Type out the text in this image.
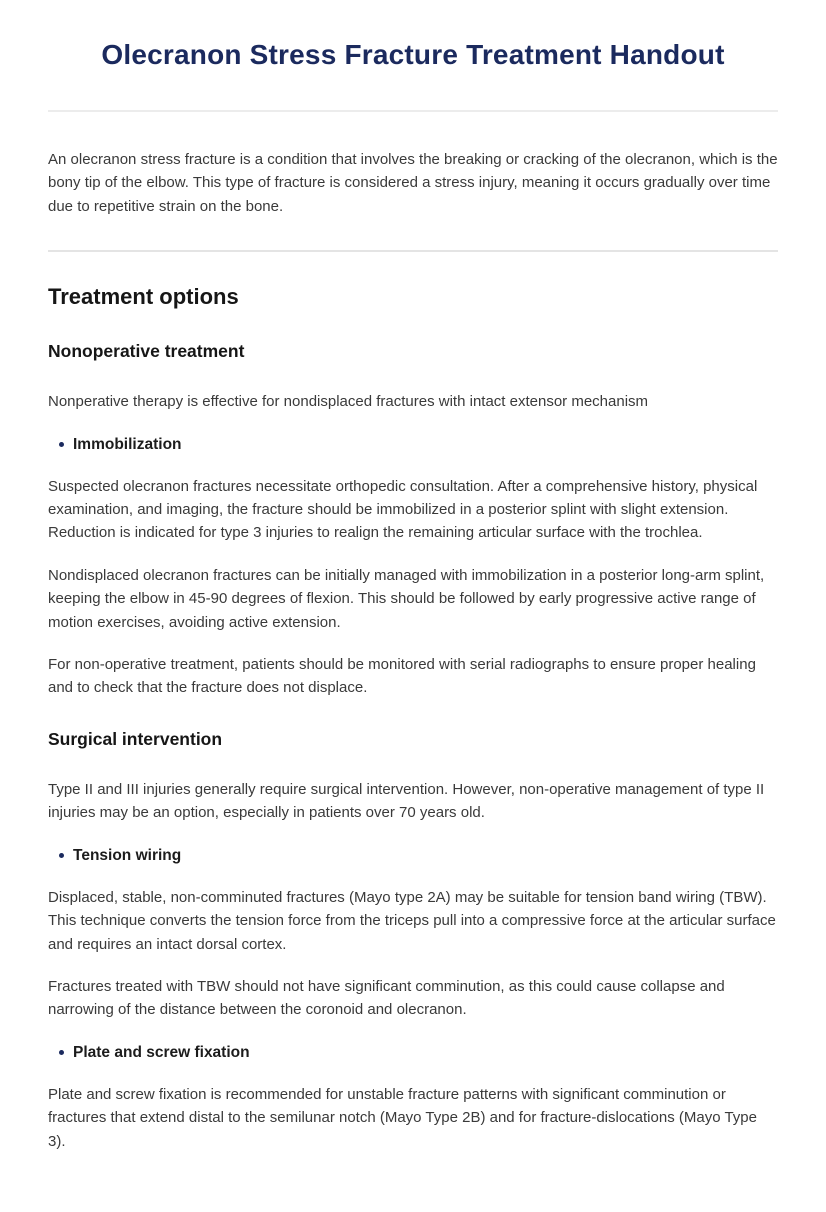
Olecranon Stress Fracture Treatment Handout

An olecranon stress fracture is a condition that involves the breaking or cracking of the olecranon, which is the bony tip of the elbow. This type of fracture is considered a stress injury, meaning it occurs gradually over time due to repetitive strain on the bone.

Treatment options
Nonoperative treatment

Nonperative therapy is effective for nondisplaced fractures with intact extensor mechanism

Immobilization

Suspected olecranon fractures necessitate orthopedic consultation. After a comprehensive history, physical examination, and imaging, the fracture should be immobilized in a posterior splint with slight extension. Reduction is indicated for type 3 injuries to realign the remaining articular surface with the trochlea.

Nondisplaced olecranon fractures can be initially managed with immobilization in a posterior long-arm splint, keeping the elbow in 45-90 degrees of flexion. This should be followed by early progressive active range of motion exercises, avoiding active extension.

For non-operative treatment, patients should be monitored with serial radiographs to ensure proper healing and to check that the fracture does not displace.

Surgical intervention

Type II and III injuries generally require surgical intervention. However, non-operative management of type II injuries may be an option, especially in patients over 70 years old.

Tension wiring

Displaced, stable, non-comminuted fractures (Mayo type 2A) may be suitable for tension band wiring (TBW). This technique converts the tension force from the triceps pull into a compressive force at the articular surface and requires an intact dorsal cortex.

Fractures treated with TBW should not have significant comminution, as this could cause collapse and narrowing of the distance between the coronoid and olecranon.

Plate and screw fixation

Plate and screw fixation is recommended for unstable fracture patterns with significant comminution or fractures that extend distal to the semilunar notch (Mayo Type 2B) and for fracture-dislocations (Mayo Type 3).
